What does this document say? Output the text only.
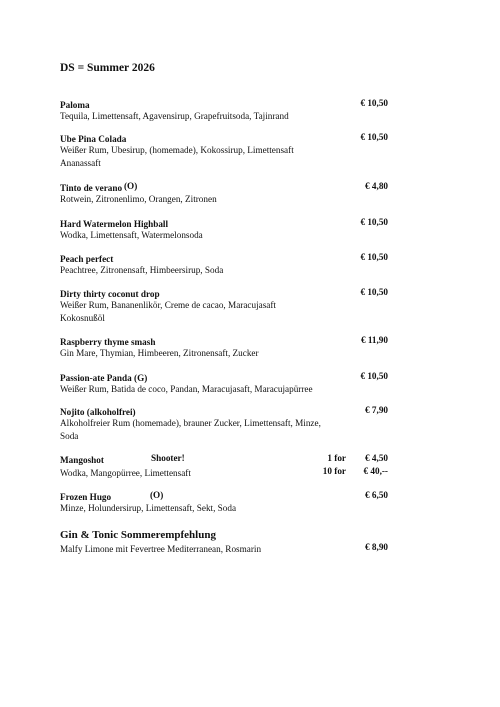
DS = Summer 2026
Paloma	€ 10,50
Tequila, Limettensaft, Agavensirup, Grapefruitsoda, Tajinrand
Ube Pina Colada	€ 10,50
Weißer Rum, Ubesirup, (homemade), Kokossirup, Limettensaft
Ananassaft
Tinto de verano (O)	€ 4,80
Rotwein, Zitronenlimo, Orangen, Zitronen
Hard Watermelon Highball	€ 10,50
Wodka, Limettensaft, Watermelonsoda
Peach perfect	€ 10,50
Peachtree, Zitronensaft, Himbeersirup, Soda
Dirty thirty coconut drop	€ 10,50
Weißer Rum, Bananenlikör, Creme de cacao, Maracujasaft
Kokosnußöl
Raspberry thyme smash	€ 11,90
Gin Mare, Thymian, Himbeeren, Zitronensaft, Zucker
Passion-ate Panda (G)	€ 10,50
Weißer Rum, Batida de coco, Pandan, Maracujasaft, Maracujapürree
Nojito (alkoholfrei)	€ 7,90
Alkoholfreier Rum (homemade), brauner Zucker, Limettensaft, Minze,
Soda
Mangoshot	Shooter!	1 for € 4,50
Wodka, Mangopürree, Limettensaft	10 for € 40,--
Frozen Hugo	(O)	€ 6,50
Minze, Holundersirup, Limettensaft, Sekt, Soda
Gin & Tonic Sommerempfehlung
Malfy Limone mit Fevertree Mediterranean, Rosmarin	€ 8,90
